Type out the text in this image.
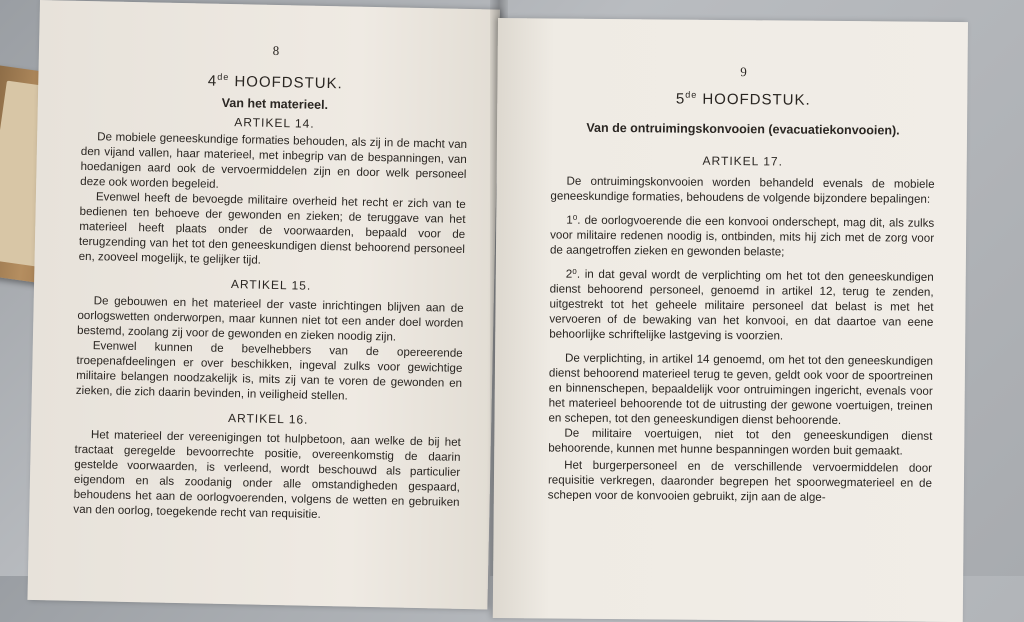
8

4de HOOFDSTUK.

Van het materieel.

ARTIKEL 14.

De mobiele geneeskundige formaties behouden, als zij in de macht van den vijand vallen, haar materieel, met inbegrip van de bespanningen, van hoedanigen aard ook de vervoermiddelen zijn en door welk personeel deze ook worden begeleid.

Evenwel heeft de bevoegde militaire overheid het recht er zich van te bedienen ten behoeve der gewonden en zieken; de teruggave van het materieel heeft plaats onder de voorwaarden, bepaald voor de terugzending van het tot den geneeskundigen dienst behoorend personeel en, zooveel mogelijk, te gelijker tijd.

ARTIKEL 15.

De gebouwen en het materieel der vaste inrichtingen blijven aan de oorlogswetten onderworpen, maar kunnen niet tot een ander doel worden bestemd, zoolang zij voor de gewonden en zieken noodig zijn.

Evenwel kunnen de bevelhebbers van de opereerende troepenafdeelingen er over beschikken, ingeval zulks voor gewichtige militaire belangen noodzakelijk is, mits zij van te voren de gewonden en zieken, die zich daarin bevinden, in veiligheid stellen.

ARTIKEL 16.

Het materieel der vereenigingen tot hulpbetoon, aan welke de bij het tractaat geregelde bevoorrechte positie, overeenkomstig de daarin gestelde voorwaarden, is verleend, wordt beschouwd als particulier eigendom en als zoodanig onder alle omstandigheden gespaard, behoudens het aan de oorlogvoerenden, volgens de wetten en gebruiken van den oorlog, toegekende recht van requisitie.

9

5de HOOFDSTUK.

Van de ontruimingskonvooien (evacuatiekonvooien).

ARTIKEL 17.

De ontruimingskonvooien worden behandeld evenals de mobiele geneeskundige formaties, behoudens de volgende bijzondere bepalingen:

1⁰. de oorlogvoerende die een konvooi onderschept, mag dit, als zulks voor militaire redenen noodig is, ontbinden, mits hij zich met de zorg voor de aangetroffen zieken en gewonden belaste;

2⁰. in dat geval wordt de verplichting om het tot den geneeskundigen dienst behoorend personeel, genoemd in artikel 12, terug te zenden, uitgestrekt tot het geheele militaire personeel dat belast is met het vervoeren of de bewaking van het konvooi, en dat daartoe van eene behoorlijke schriftelijke lastgeving is voorzien.

De verplichting, in artikel 14 genoemd, om het tot den geneeskundigen dienst behoorend materieel terug te geven, geldt ook voor de spoortreinen en binnenschepen, bepaaldelijk voor ontruimingen ingericht, evenals voor het materieel behoorende tot de uitrusting der gewone voertuigen, treinen en schepen, tot den geneeskundigen dienst behoorende.

De militaire voertuigen, niet tot den geneeskundigen dienst behoorende, kunnen met hunne bespanningen worden buit gemaakt.

Het burgerpersoneel en de verschillende vervoermiddelen door requisitie verkregen, daaronder begrepen het spoorwegmaterieel en de schepen voor de konvooien gebruikt, zijn aan de alge-
